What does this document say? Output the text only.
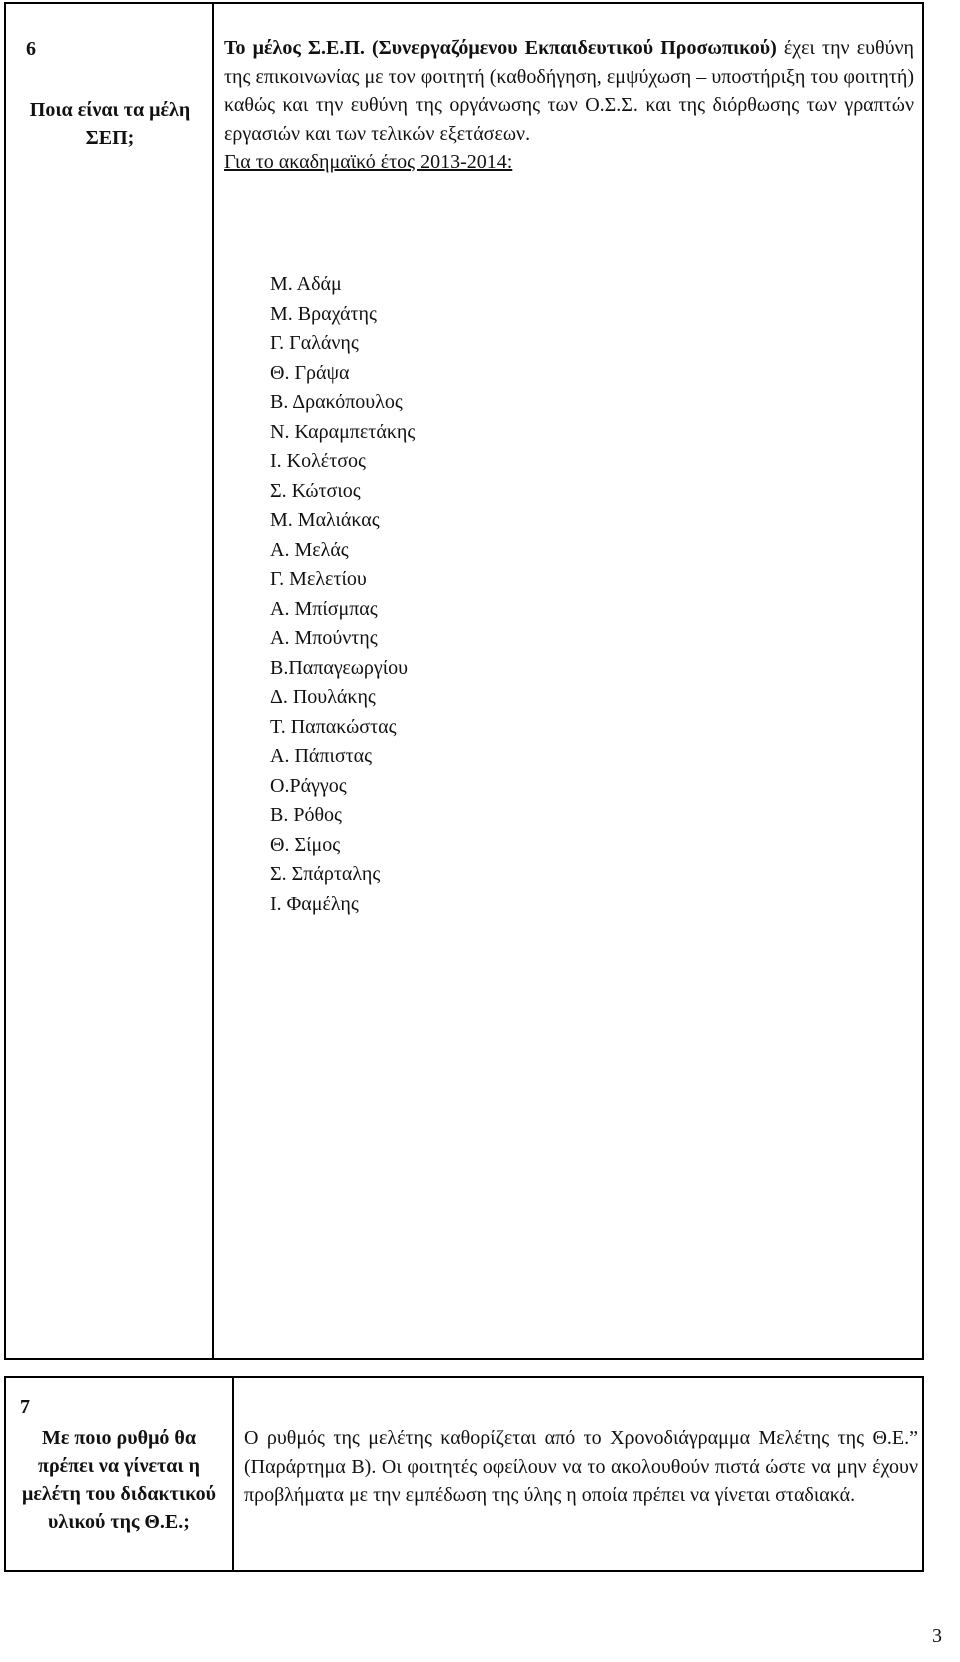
6
Ποια είναι τα μέλη ΣΕΠ;
Το μέλος Σ.Ε.Π. (Συνεργαζόμενου Εκπαιδευτικού Προσωπικού) έχει την ευθύνη της επικοινωνίας με τον φοιτητή (καθοδήγηση, εμψύχωση – υποστήριξη του φοιτητή) καθώς και την ευθύνη της οργάνωσης των Ο.Σ.Σ. και της διόρθωσης των γραπτών εργασιών και των τελικών εξετάσεων.
Για το ακαδημαϊκό έτος 2013-2014:
Μ. Αδάμ
Μ. Βραχάτης
Γ. Γαλάνης
Θ. Γράψα
Β. Δρακόπουλος
Ν. Καραμπετάκης
Ι. Κολέτσος
Σ. Κώτσιος
Μ. Μαλιάκας
Α. Μελάς
Γ. Μελετίου
Α. Μπίσμπας
Α. Μπούντης
Β.Παπαγεωργίου
Δ. Πουλάκης
Τ. Παπακώστας
Α. Πάπιστας
Ο.Ράγγος
Β. Ρόθος
Θ. Σίμος
Σ. Σπάρταλης
Ι. Φαμέλης
7
Με ποιο ρυθμό θα πρέπει να γίνεται η μελέτη του διδακτικού υλικού της Θ.Ε.;
Ο ρυθμός της μελέτης καθορίζεται από το Χρονοδιάγραμμα Μελέτης της Θ.Ε.” (Παράρτημα Β). Οι φοιτητές οφείλουν να το ακολουθούν πιστά ώστε να μην έχουν προβλήματα με την εμπέδωση της ύλης η οποία πρέπει να γίνεται σταδιακά.
3
